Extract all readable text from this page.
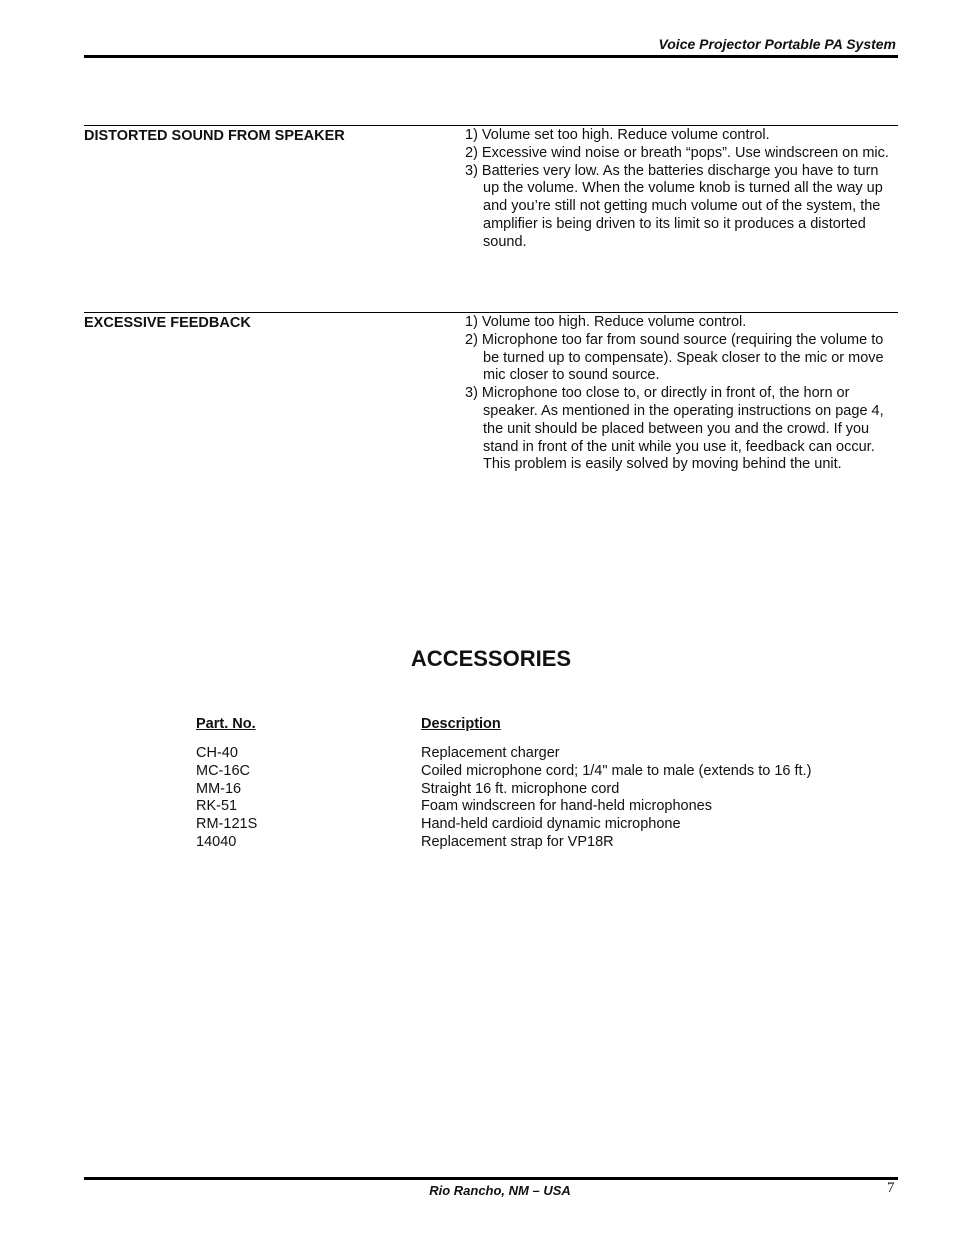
Voice Projector Portable PA System
DISTORTED SOUND FROM SPEAKER	1) Volume set too high. Reduce volume control.
2) Excessive wind noise or breath “pops”. Use windscreen on mic.
3) Batteries very low. As the batteries discharge you have to turn up the volume. When the volume knob is turned all the way up and you’re still not getting much volume out of the system, the amplifier is being driven to its limit so it produces a distorted sound.
EXCESSIVE FEEDBACK	1) Volume too high. Reduce volume control.
2) Microphone too far from sound source (requiring the volume to be turned up to compensate). Speak closer to the mic or move mic closer to sound source.
3) Microphone too close to, or directly in front of, the horn or speaker. As mentioned in the operating instructions on page 4, the unit should be placed between you and the crowd. If you stand in front of the unit while you use it, feedback can occur. This problem is easily solved by moving behind the unit.
ACCESSORIES
Part. No.	Description
CH-40	Replacement charger
MC-16C	Coiled microphone cord; 1/4" male to male (extends to 16 ft.)
MM-16	Straight 16 ft. microphone cord
RK-51	Foam windscreen for hand-held microphones
RM-121S	Hand-held cardioid dynamic microphone
14040	Replacement strap for VP18R
Rio Rancho, NM – USA	7
